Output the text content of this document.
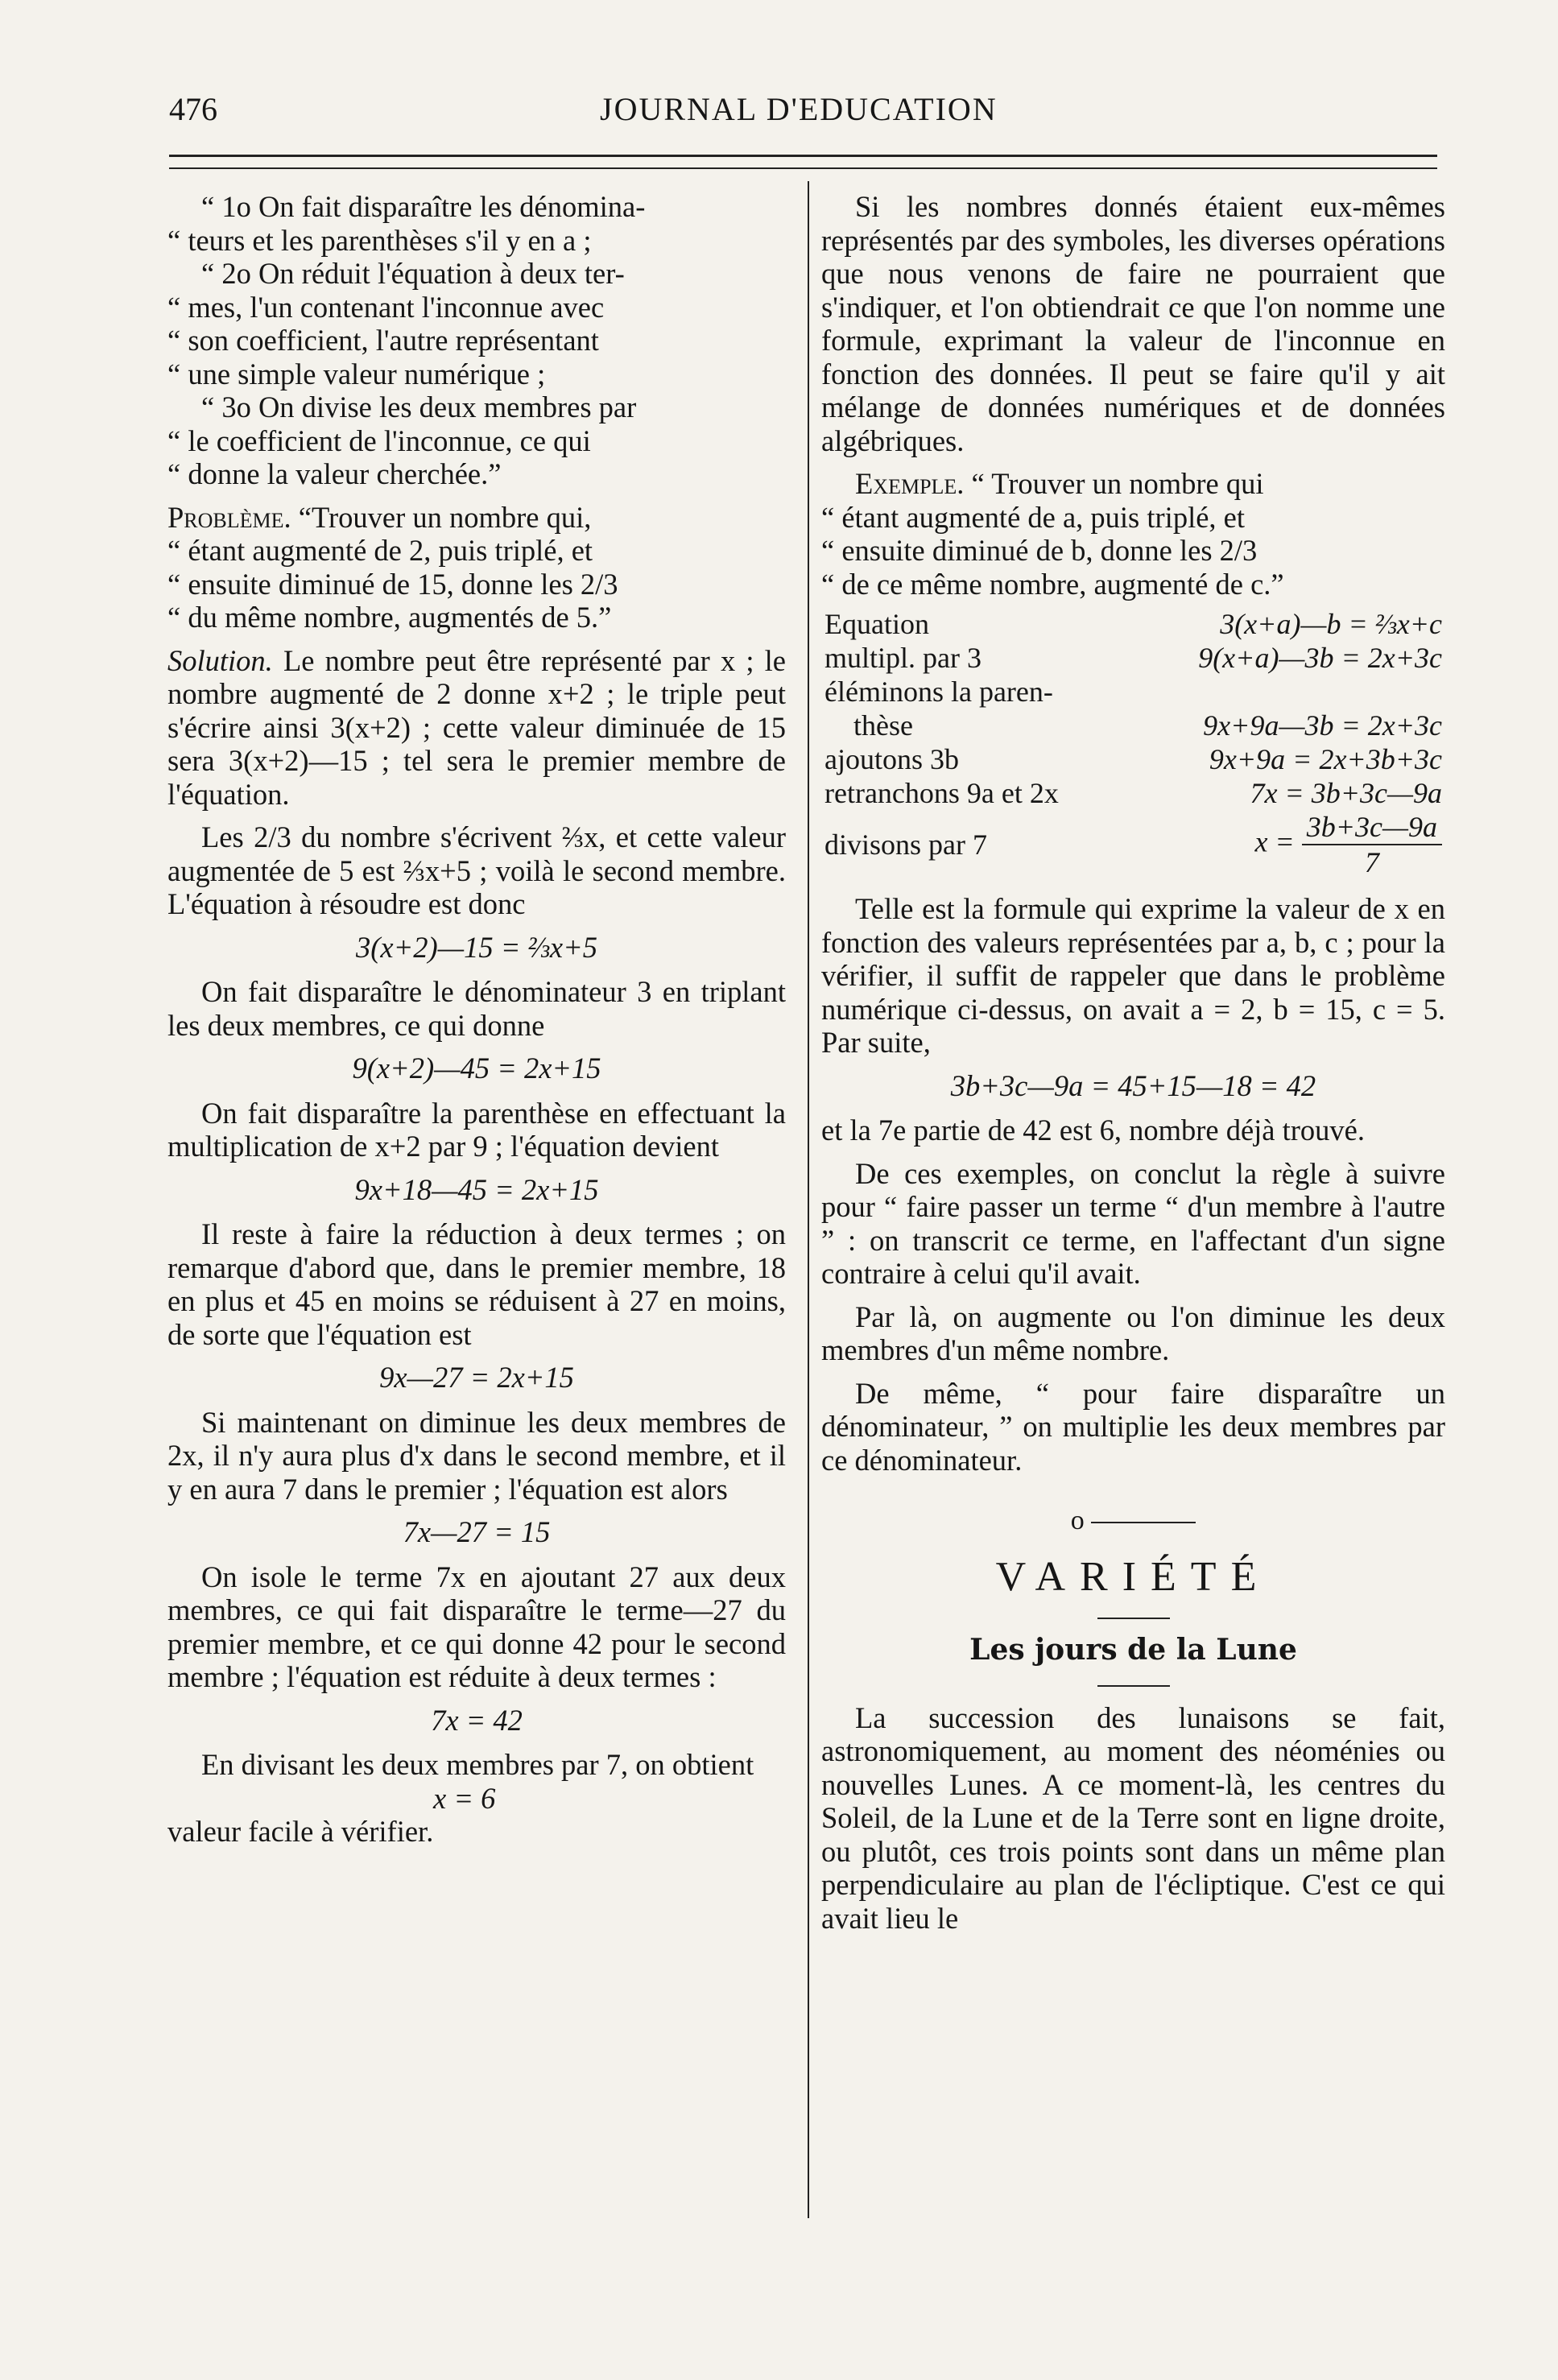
476	JOURNAL D'EDUCATION
“ 1o On fait disparaître les dénomina-
“ teurs et les parenthèses s'il y en a ;
“ 2o On réduit l'équation à deux ter-
“ mes, l'un contenant l'inconnue avec
“ son coefficient, l'autre représentant
“ une simple valeur numérique ;
“ 3o On divise les deux membres par
“ le coefficient de l'inconnue, ce qui
“ donne la valeur cherchée.”
Problème. “Trouver un nombre qui,
“ étant augmenté de 2, puis triplé, et
“ ensuite diminué de 15, donne les 2/3
“ du même nombre, augmentés de 5.”

Solution. Le nombre peut être représenté par x ; le nombre augmenté de 2 donne x+2 ; le triple peut s'écrire ainsi 3(x+2) ; cette valeur diminuée de 15 sera 3(x+2)—15 ; tel sera le premier membre de l'équation.

Les 2/3 du nombre s'écrivent ⅔x, et cette valeur augmentée de 5 est ⅔x+5 ; voilà le second membre. L'équation à résoudre est donc

3(x+2)—15 = ⅔x+5

On fait disparaître le dénominateur 3 en triplant les deux membres, ce qui donne

9(x+2)—45 = 2x+15

On fait disparaître la parenthèse en effectuant la multiplication de x+2 par 9 ; l'équation devient

9x+18—45 = 2x+15

Il reste à faire la réduction à deux termes ; on remarque d'abord que, dans le premier membre, 18 en plus et 45 en moins se réduisent à 27 en moins, de sorte que l'équation est

9x—27 = 2x+15

Si maintenant on diminue les deux membres de 2x, il n'y aura plus d'x dans le second membre, et il y en aura 7 dans le premier ; l'équation est alors

7x—27 = 15

On isole le terme 7x en ajoutant 27 aux deux membres, ce qui fait disparaître le terme—27 du premier membre, et ce qui donne 42 pour le second membre ; l'équation est réduite à deux termes :

7x = 42
En divisant les deux membres par 7, on obtient
x = 6
valeur facile à vérifier.

Si les nombres donnés étaient eux-mêmes représentés par des symboles, les diverses opérations que nous venons de faire ne pourraient que s'indiquer, et l'on obtiendrait ce que l'on nomme une formule, exprimant la valeur de l'inconnue en fonction des données. Il peut se faire qu'il y ait mélange de données numériques et de données algébriques.

Exemple. “ Trouver un nombre qui
“ étant augmenté de a, puis triplé, et
“ ensuite diminué de b, donne les 2/3
“ de ce même nombre, augmenté de c.”
Equation	3(x+a)—b = ⅔x+c
multipl. par 3	9(x+a)—3b = 2x+3c
éléminons la paren-	
thèse	9x+9a—3b = 2x+3c
ajoutons 3b	9x+9a = 2x+3b+3c
retranchons 9a et 2x	7x = 3b+3c—9a
divisons par 7	$x = \frac{3b+3c—9a}{7}$

Telle est la formule qui exprime la valeur de x en fonction des valeurs représentées par a, b, c ; pour la vérifier, il suffit de rappeler que dans le problème numérique ci-dessus, on avait a = 2, b = 15, c = 5. Par suite,

3b+3c—9a = 45+15—18 = 42

et la 7e partie de 42 est 6, nombre déjà trouvé.

De ces exemples, on conclut la règle à suivre pour “ faire passer un terme “ d'un membre à l'autre ” : on transcrit ce terme, en l'affectant d'un signe contraire à celui qu'il avait.

Par là, on augmente ou l'on diminue les deux membres d'un même nombre.

De même, “ pour faire disparaître un dénominateur, ” on multiplie les deux membres par ce dénominateur.

o
VARIÉTÉ
Les jours de la Lune

La succession des lunaisons se fait, astronomiquement, au moment des néoménies ou nouvelles Lunes. A ce moment-là, les centres du Soleil, de la Lune et de la Terre sont en ligne droite, ou plutôt, ces trois points sont dans un même plan perpendiculaire au plan de l'écliptique. C'est ce qui avait lieu le
